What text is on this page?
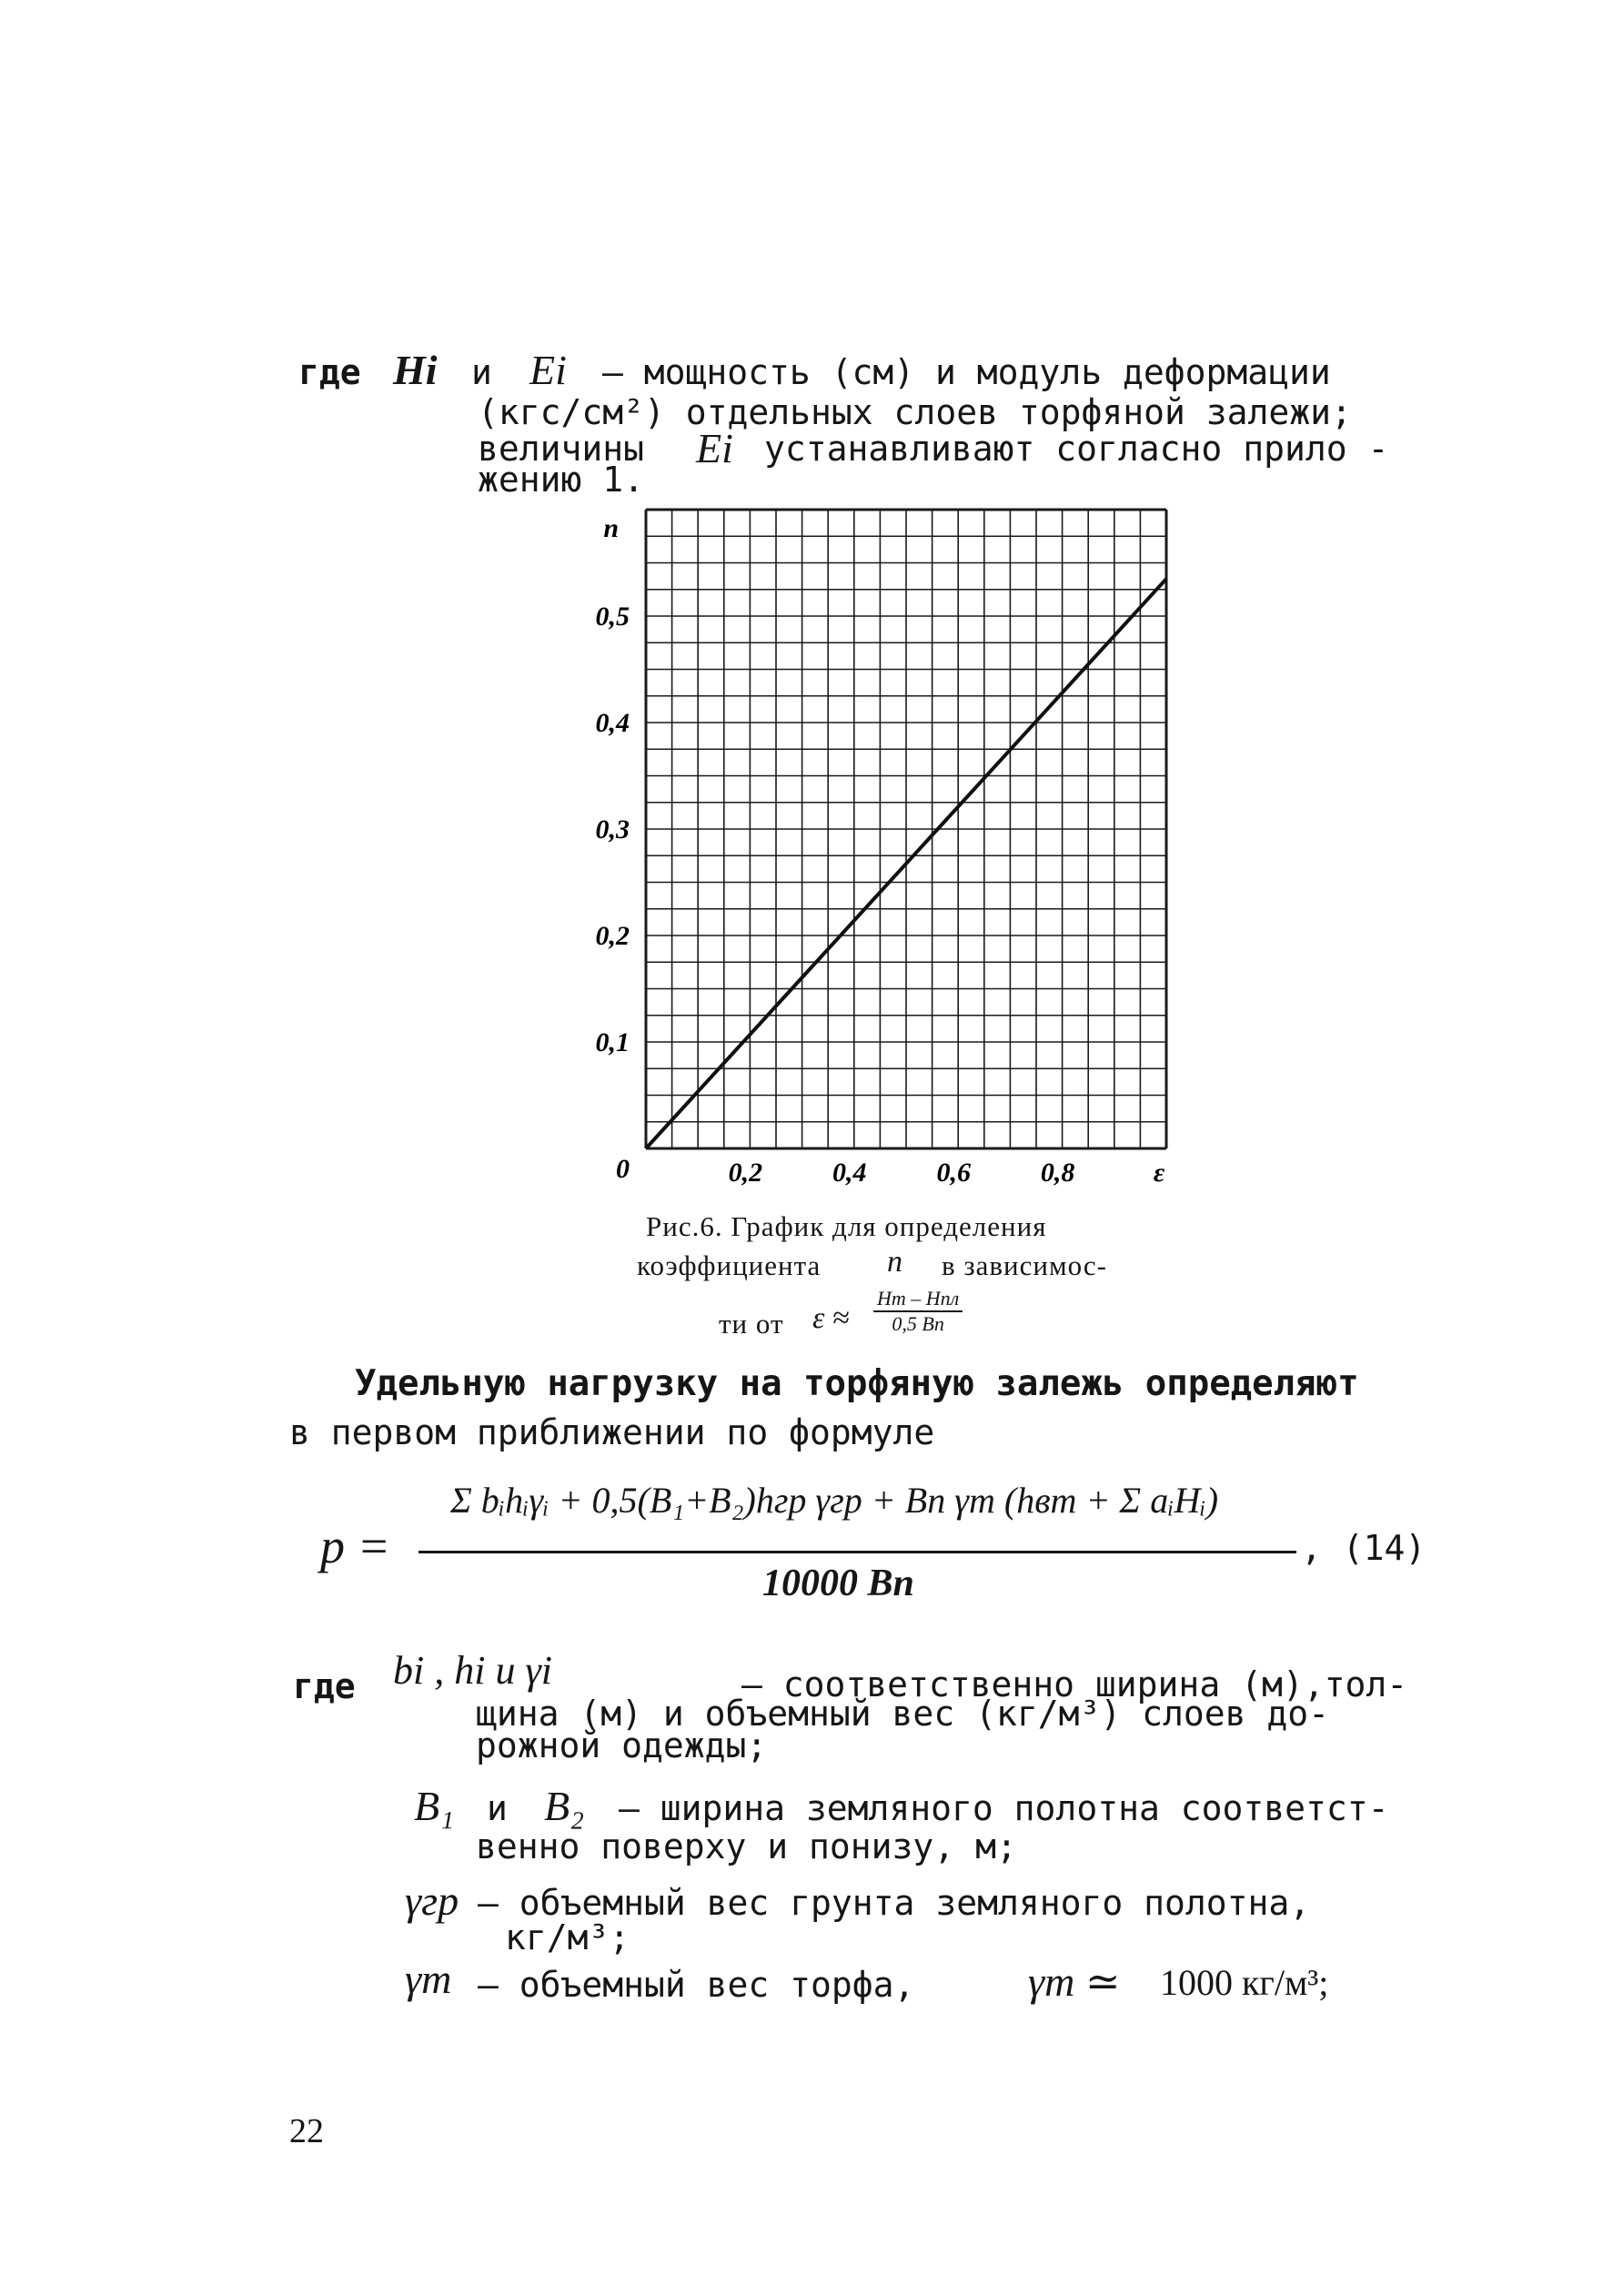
где Hi и Ei – мощность (см) и модуль деформации
(кгс/см²) отдельных слоев торфяной залежи;
величины Ei устанавливают согласно прило -
жению 1.
0,1
0,2
0,3
0,4
0,5
n
0	0,2	0,4	0,6	0,8	ε
Рис.6. График для определения
коэффициента n в зависимос-
ти от ε ≈
Hт – Hпл
0,5 Bп
Удельную нагрузку на торфяную залежь определяют
в первом приближении по формуле
p =
Σ bᵢhᵢγᵢ + 0,5(B₁+B₂)hгр γгр + Bп γт (hвт + Σ aᵢHᵢ)
10000 Bп
, (14)
где bi , hi и γi	– соответственно ширина (м),тол-
щина (м) и объемный вес (кг/м³) слоев до-
рожной одежды;
B₁ и B₂ – ширина земляного полотна соответст-
венно поверху и понизу, м;
γгр – объемный вес грунта земляного полотна,
кг/м³;
γт – объемный вес торфа,	γт ≃ 1000 кг/м³;
22
